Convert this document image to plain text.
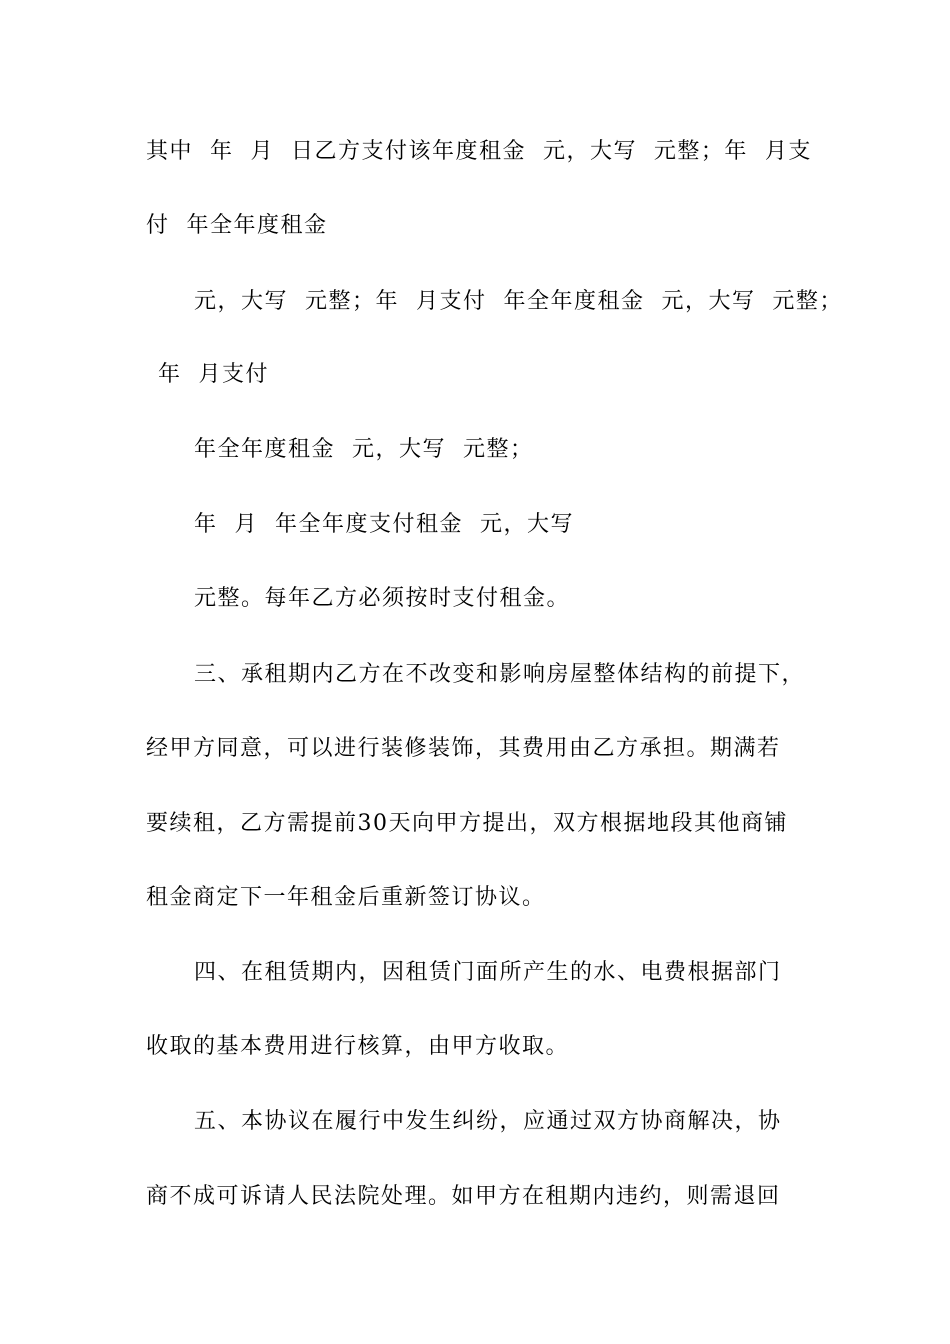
其中  年  月  日乙方支付该年度租金  元，大写  元整；年  月支
付  年全年度租金
元，大写  元整；年  月支付  年全年度租金  元，大写  元整；
年  月支付
年全年度租金  元，大写  元整；
年  月  年全年度支付租金  元，大写
元整。每年乙方必须按时支付租金。
三、承租期内乙方在不改变和影响房屋整体结构的前提下，
经甲方同意，可以进行装修装饰，其费用由乙方承担。期满若
要续租，乙方需提前30天向甲方提出，双方根据地段其他商铺
租金商定下一年租金后重新签订协议。
四、在租赁期内，因租赁门面所产生的水、电费根据部门
收取的基本费用进行核算，由甲方收取。
五、本协议在履行中发生纠纷，应通过双方协商解决，协
商不成可诉请人民法院处理。如甲方在租期内违约，则需退回
